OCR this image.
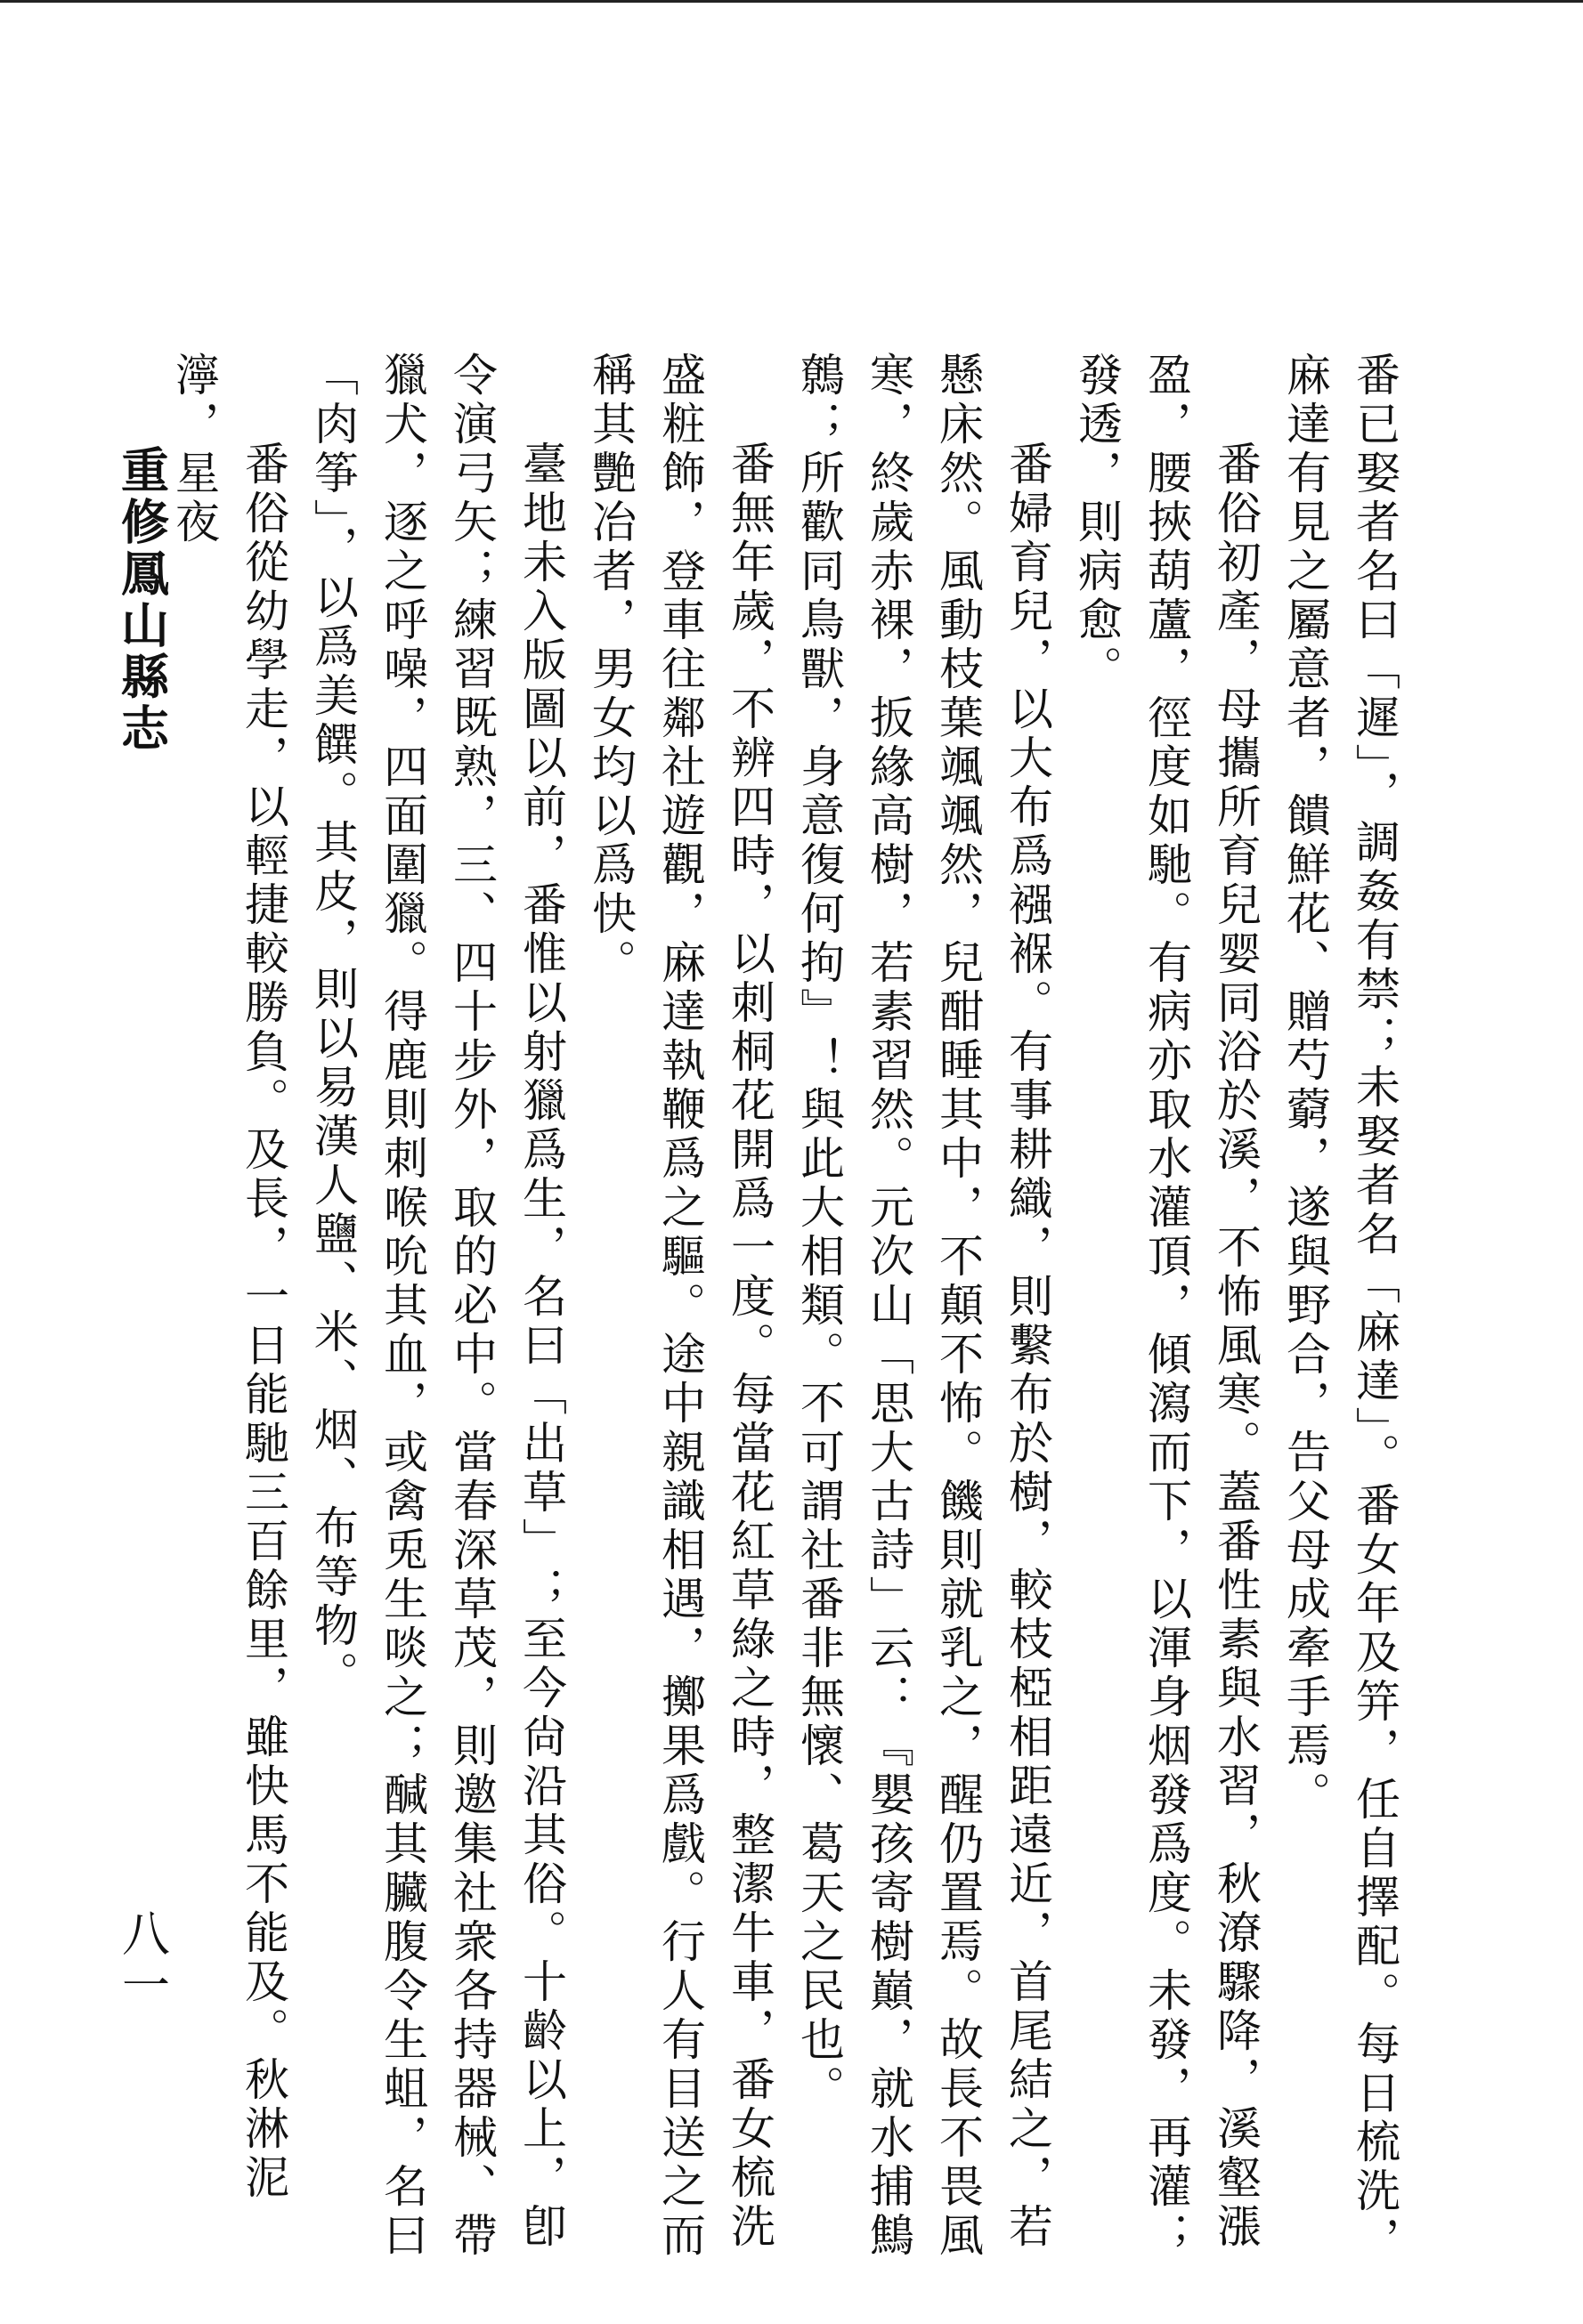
番已娶者名曰「遲」，調姦有禁；未娶者名「麻達」。番女年及笄，任自擇配。每日梳洗，麻達有見之屬意者，饋鮮花、贈芍藭，遂與野合，告父母成牽手焉。

番俗初產，母攜所育兒婴同浴於溪，不怖風寒。蓋番性素與水習，秋潦驟降，溪壑漲盈，腰挾葫蘆，徑度如馳。有病亦取水灌頂，傾瀉而下，以渾身烟發爲度。未發，再灌；發透，則病愈。

番婦育兒，以大布爲襁褓。有事耕織，則繫布於樹，較枝椏相距遠近，首尾結之，若懸床然。風動枝葉颯颯然，兒酣睡其中，不顛不怖。饑則就乳之，醒仍置焉。故長不畏風寒，終歲赤裸，扳緣高樹，若素習然。元次山「思大古詩」云：『嬰孩寄樹巔，就水捕鷦鷯；所歡同鳥獸，身意復何拘』！與此大相類。不可謂社番非無懷、葛天之民也。

番無年歲，不辨四時，以刺桐花開爲一度。每當花紅草綠之時，整潔牛車，番女梳洗盛粧飾，登車往鄰社遊觀，麻達執鞭爲之驅。途中親識相遇，擲果爲戲。行人有目送之而稱其艷冶者，男女均以爲快。

臺地未入版圖以前，番惟以射獵爲生，名曰「出草」；至今尙沿其俗。十齡以上，卽令演弓矢；練習既熟，三、四十步外，取的必中。當春深草茂，則邀集社衆各持器械、帶獵犬，逐之呼噪，四面圍獵。得鹿則刺喉吮其血，或禽兎生啖之；醎其臟腹令生蛆，名曰「肉筝」，以爲美饌。其皮，則以易漢人鹽、米、烟、布等物。

番俗從幼學走，以輕捷較勝負。及長，一日能馳三百餘里，雖快馬不能及。秋淋泥濘，星夜

重修鳳山縣志
八一
